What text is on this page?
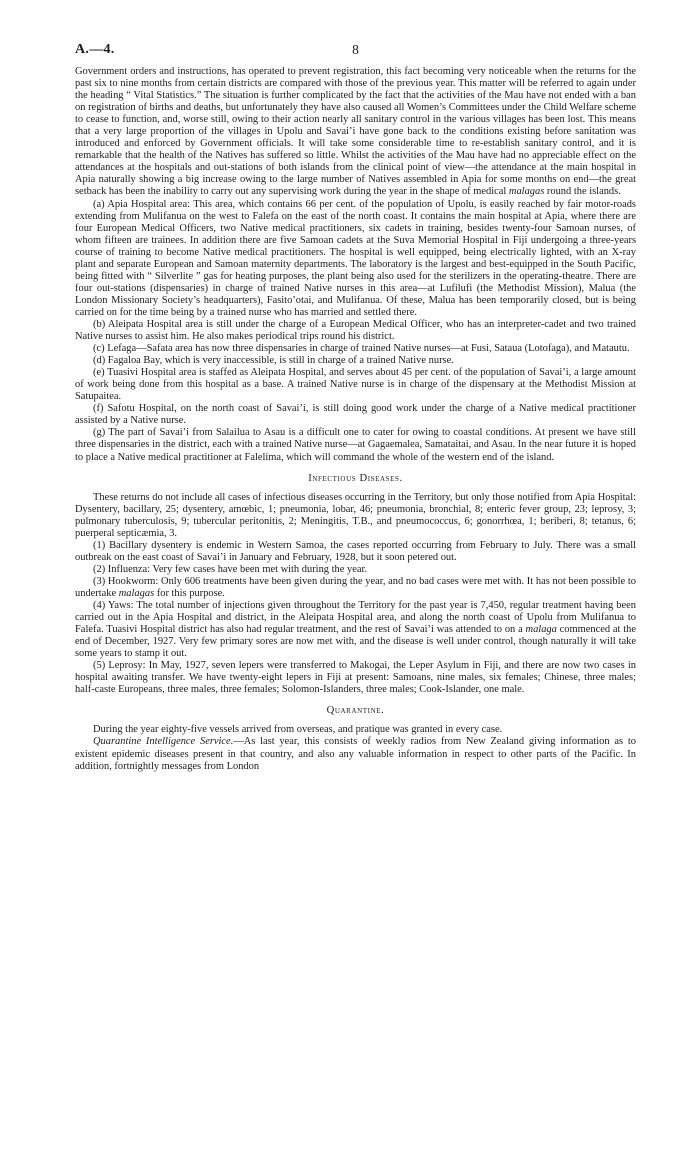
A.—4.	8

Government orders and instructions, has operated to prevent registration, this fact becoming very noticeable when the returns for the past six to nine months from certain districts are compared with those of the previous year. This matter will be referred to again under the heading “ Vital Statistics.” The situation is further complicated by the fact that the activities of the Mau have not ended with a ban on registration of births and deaths, but unfortunately they have also caused all Women’s Committees under the Child Welfare scheme to cease to function, and, worse still, owing to their action nearly all sanitary control in the various villages has been lost. This means that a very large proportion of the villages in Upolu and Savai’i have gone back to the conditions existing before sanitation was introduced and enforced by Government officials. It will take some considerable time to re-establish sanitary control, and it is remarkable that the health of the Natives has suffered so little. Whilst the activities of the Mau have had no appreciable effect on the attendances at the hospitals and out-stations of both islands from the clinical point of view—the attendance at the main hospital in Apia naturally showing a big increase owing to the large number of Natives assembled in Apia for some months on end—the great setback has been the inability to carry out any supervising work during the year in the shape of medical malagas round the islands.

(a) Apia Hospital area: This area, which contains 66 per cent. of the population of Upolu, is easily reached by fair motor-roads extending from Mulifanua on the west to Falefa on the east of the north coast. It contains the main hospital at Apia, where there are four European Medical Officers, two Native medical practitioners, six cadets in training, besides twenty-four Samoan nurses, of whom fifteen are trainees. In addition there are five Samoan cadets at the Suva Memorial Hospital in Fiji undergoing a three-years course of training to become Native medical practitioners. The hospital is well equipped, being electrically lighted, with an X-ray plant and separate European and Samoan maternity departments. The laboratory is the largest and best-equipped in the South Pacific, being fitted with “ Silverlite ” gas for heating purposes, the plant being also used for the sterilizers in the operating-theatre. There are four out-stations (dispensaries) in charge of trained Native nurses in this area—at Lufilufi (the Methodist Mission), Malua (the London Missionary Society’s headquarters), Fasito’otai, and Mulifanua. Of these, Malua has been temporarily closed, but is being carried on for the time being by a trained nurse who has married and settled there.

(b) Aleipata Hospital area is still under the charge of a European Medical Officer, who has an interpreter-cadet and two trained Native nurses to assist him. He also makes periodical trips round his district.

(c) Lefaga—Safata area has now three dispensaries in charge of trained Native nurses—at Fusi, Sataua (Lotofaga), and Matautu.

(d) Fagaloa Bay, which is very inaccessible, is still in charge of a trained Native nurse.

(e) Tuasivi Hospital area is staffed as Aleipata Hospital, and serves about 45 per cent. of the population of Savai’i, a large amount of work being done from this hospital as a base. A trained Native nurse is in charge of the dispensary at the Methodist Mission at Satupaitea.

(f) Safotu Hospital, on the north coast of Savai’i, is still doing good work under the charge of a Native medical practitioner assisted by a Native nurse.

(g) The part of Savai’i from Salailua to Asau is a difficult one to cater for owing to coastal conditions. At present we have still three dispensaries in the district, each with a trained Native nurse—at Gagaemalea, Samataitai, and Asau. In the near future it is hoped to place a Native medical practitioner at Falelima, which will command the whole of the western end of the island.

Infectious Diseases.

These returns do not include all cases of infectious diseases occurring in the Territory, but only those notified from Apia Hospital: Dysentery, bacillary, 25; dysentery, amœbic, 1; pneumonia, lobar, 46; pneumonia, bronchial, 8; enteric fever group, 23; leprosy, 3; pulmonary tuberculosis, 9; tubercular peritonitis, 2; Meningitis, T.B., and pneumococcus, 6; gonorrhœa, 1; beriberi, 8; tetanus, 6; puerperal septicæmia, 3.

(1) Bacillary dysentery is endemic in Western Samoa, the cases reported occurring from February to July. There was a small outbreak on the east coast of Savai’i in January and February, 1928, but it soon petered out.

(2) Influenza: Very few cases have been met with during the year.

(3) Hookworm: Only 606 treatments have been given during the year, and no bad cases were met with. It has not been possible to undertake malagas for this purpose.

(4) Yaws: The total number of injections given throughout the Territory for the past year is 7,450, regular treatment having been carried out in the Apia Hospital and district, in the Aleipata Hospital area, and along the north coast of Upolu from Mulifanua to Falefa. Tuasivi Hospital district has also had regular treatment, and the rest of Savai’i was attended to on a malaga commenced at the end of December, 1927. Very few primary sores are now met with, and the disease is well under control, though naturally it will take some years to stamp it out.

(5) Leprosy: In May, 1927, seven lepers were transferred to Makogai, the Leper Asylum in Fiji, and there are now two cases in hospital awaiting transfer. We have twenty-eight lepers in Fiji at present: Samoans, nine males, six females; Chinese, three males; half-caste Europeans, three males, three females; Solomon-Islanders, three males; Cook-Islander, one male.

Quarantine.

During the year eighty-five vessels arrived from overseas, and pratique was granted in every case.

Quarantine Intelligence Service.—As last year, this consists of weekly radios from New Zealand giving information as to existent epidemic diseases present in that country, and also any valuable information in respect to other parts of the Pacific. In addition, fortnightly messages from London
